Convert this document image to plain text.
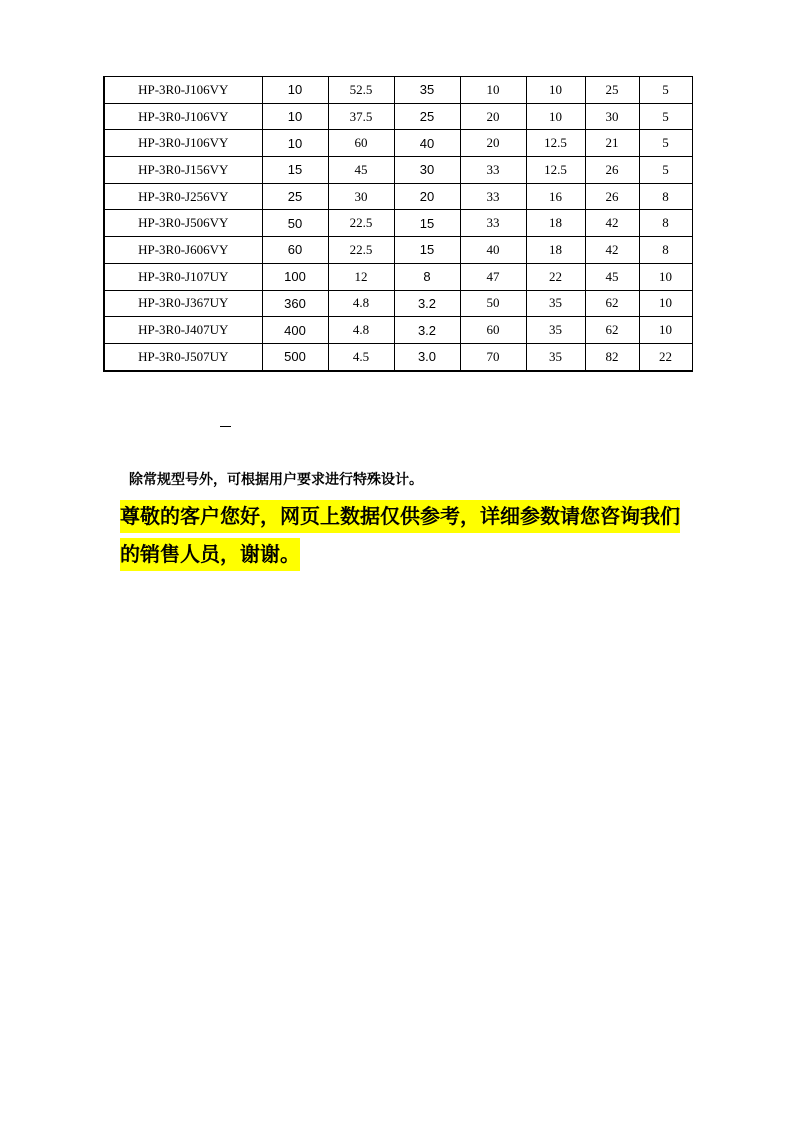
HP-3R0-J106VY	10	52.5	35	10	10	25	5
HP-3R0-J106VY	10	37.5	25	20	10	30	5
HP-3R0-J106VY	10	60	40	20	12.5	21	5
HP-3R0-J156VY	15	45	30	33	12.5	26	5
HP-3R0-J256VY	25	30	20	33	16	26	8
HP-3R0-J506VY	50	22.5	15	33	18	42	8
HP-3R0-J606VY	60	22.5	15	40	18	42	8
HP-3R0-J107UY	100	12	8	47	22	45	10
HP-3R0-J367UY	360	4.8	3.2	50	35	62	10
HP-3R0-J407UY	400	4.8	3.2	60	35	62	10
HP-3R0-J507UY	500	4.5	3.0	70	35	82	22
除常规型号外，可根据用户要求进行特殊设计。
尊敬的客户您好，网页上数据仅供参考，详细参数请您咨询我们的销售人员，谢谢。
